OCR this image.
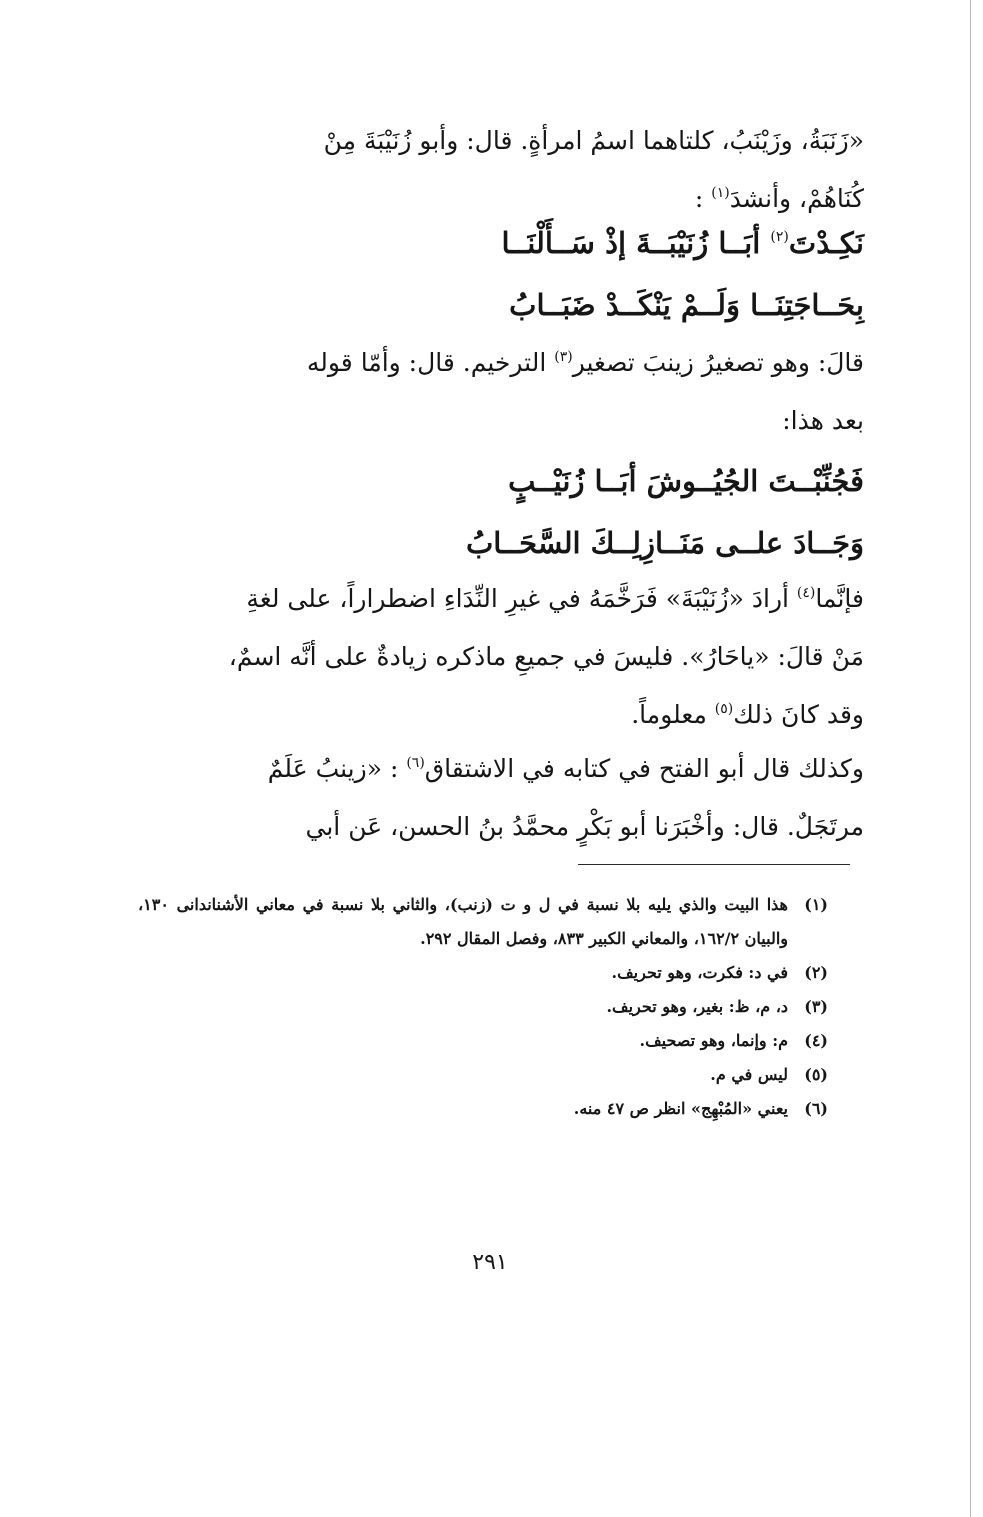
«زَنَبَةُ، وزَيْنَبُ، كلتاهما اسمُ امرأةٍ. قال: وأبو زُنَيْبَةَ مِنْ

كُنَاهُمْ، وأنشدَ$^{(١)}$ :

نَكِـدْتَ$^{(٢)}$ أبَــا زُنَيْبَــةَ إذْ سَــأَلْنَــا

بِحَــاجَتِنَــا وَلَــمْ يَنْكَــدْ ضَبَــابُ

قالَ: وهو تصغيرُ زينبَ تصغير$^{(٣)}$ الترخيم. قال: وأمّا قوله

بعد هذا:

فَجُنِّبْــتَ الجُيُــوشَ أبَــا زُنَيْــبٍ

وَجَــادَ علــى مَنَــازِلِــكَ السَّحَــابُ

فإنَّما$^{(٤)}$ أرادَ «زُنَيْبَةَ» فَرَخَّمَهُ في غيرِ النِّدَاءِ اضطراراً، على لغةِ

مَنْ قالَ: «ياحَارُ». فليسَ في جميعِ ماذكره زيادةٌ على أنَّه اسمٌ،

وقد كانَ ذلك$^{(٥)}$ معلوماً.

وكذلك قال أبو الفتح في كتابه في الاشتقاق$^{(٦)}$ : «زينبُ عَلَمٌ

مرتَجَلٌ. قال: وأخْبَرَنا أبو بَكْرٍ محمَّدُ بنُ الحسن، عَن أبي

(١)
هذا البيت والذي يليه بلا نسبة في ل و ت (زنب)، والثاني بلا نسبة في معاني الأشناندانى ١٣٠، والبيان ١٦٢/٢، والمعاني الكبير ٨٣٣، وفصل المقال ٢٩٢.
(٢)
في د: فكرت، وهو تحريف.
(٣)
د، م، ظ: بغير، وهو تحريف.
(٤)
م: وإنما، وهو تصحيف.
(٥)
ليس في م.
(٦)
يعني «المُبْهِج» انظر ص ٤٧ منه.
٢٩١
